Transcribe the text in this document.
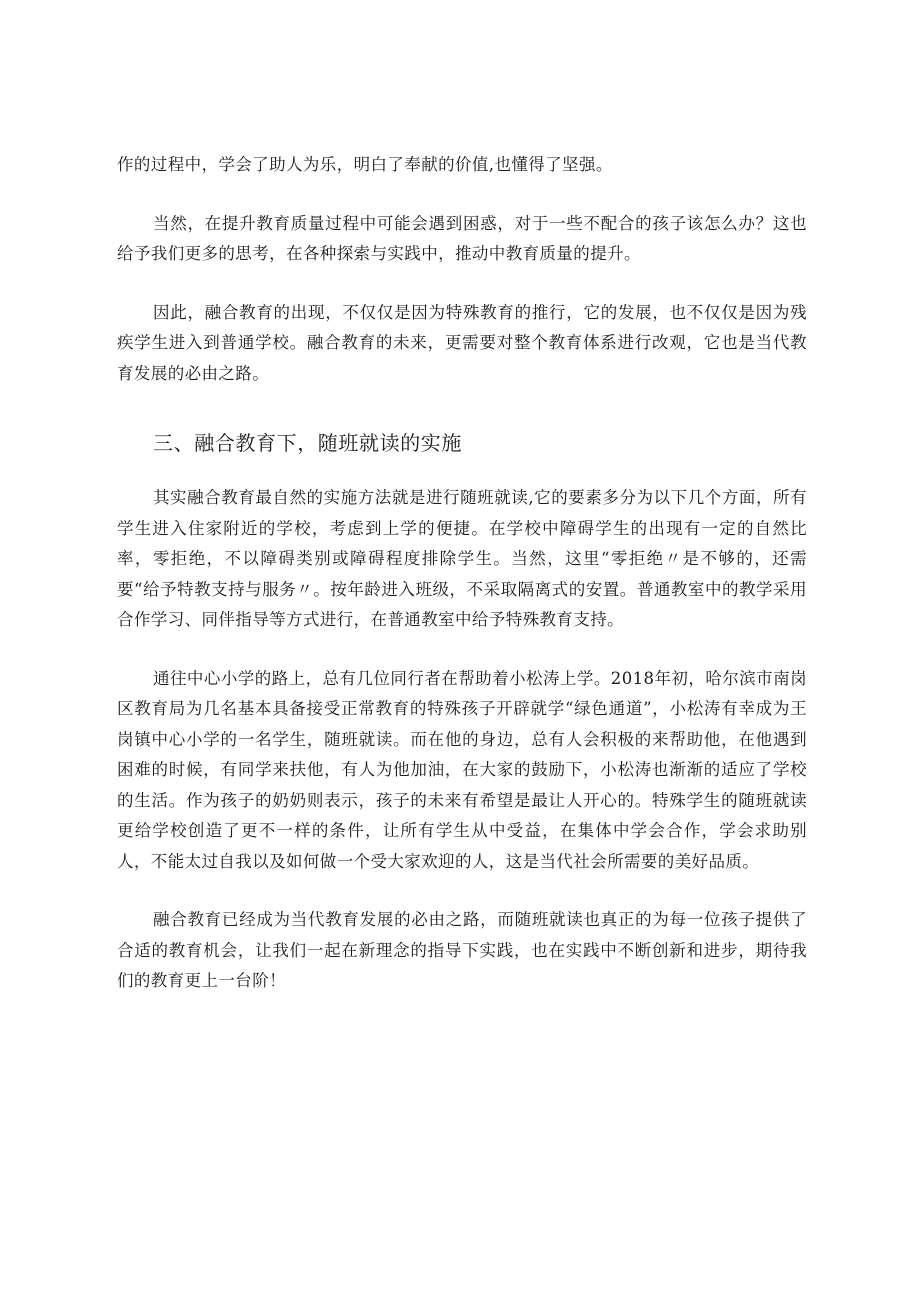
作的过程中，学会了助人为乐，明白了奉献的价值,也懂得了坚强。

当然，在提升教育质量过程中可能会遇到困惑，对于一些不配合的孩子该怎么办？这也给予我们更多的思考，在各种探索与实践中，推动中教育质量的提升。

因此，融合教育的出现，不仅仅是因为特殊教育的推行，它的发展，也不仅仅是因为残疾学生进入到普通学校。融合教育的未来，更需要对整个教育体系进行改观，它也是当代教育发展的必由之路。

三、融合教育下，随班就读的实施

其实融合教育最自然的实施方法就是进行随班就读,它的要素多分为以下几个方面，所有学生进入住家附近的学校，考虑到上学的便捷。在学校中障碍学生的出现有一定的自然比率，零拒绝，不以障碍类别或障碍程度排除学生。当然，这里“零拒绝〃是不够的，还需要“给予特教支持与服务〃。按年龄进入班级，不采取隔离式的安置。普通教室中的教学采用合作学习、同伴指导等方式进行，在普通教室中给予特殊教育支持。

通往中心小学的路上，总有几位同行者在帮助着小松涛上学。2018年初，哈尔滨市南岗区教育局为几名基本具备接受正常教育的特殊孩子开辟就学“绿色通道”，小松涛有幸成为王岗镇中心小学的一名学生，随班就读。而在他的身边，总有人会积极的来帮助他，在他遇到困难的时候，有同学来扶他，有人为他加油，在大家的鼓励下，小松涛也渐渐的适应了学校的生活。作为孩子的奶奶则表示，孩子的未来有希望是最让人开心的。特殊学生的随班就读更给学校创造了更不一样的条件，让所有学生从中受益，在集体中学会合作，学会求助别人，不能太过自我以及如何做一个受大家欢迎的人，这是当代社会所需要的美好品质。

融合教育已经成为当代教育发展的必由之路，而随班就读也真正的为每一位孩子提供了合适的教育机会，让我们一起在新理念的指导下实践，也在实践中不断创新和进步，期待我们的教育更上一台阶！
